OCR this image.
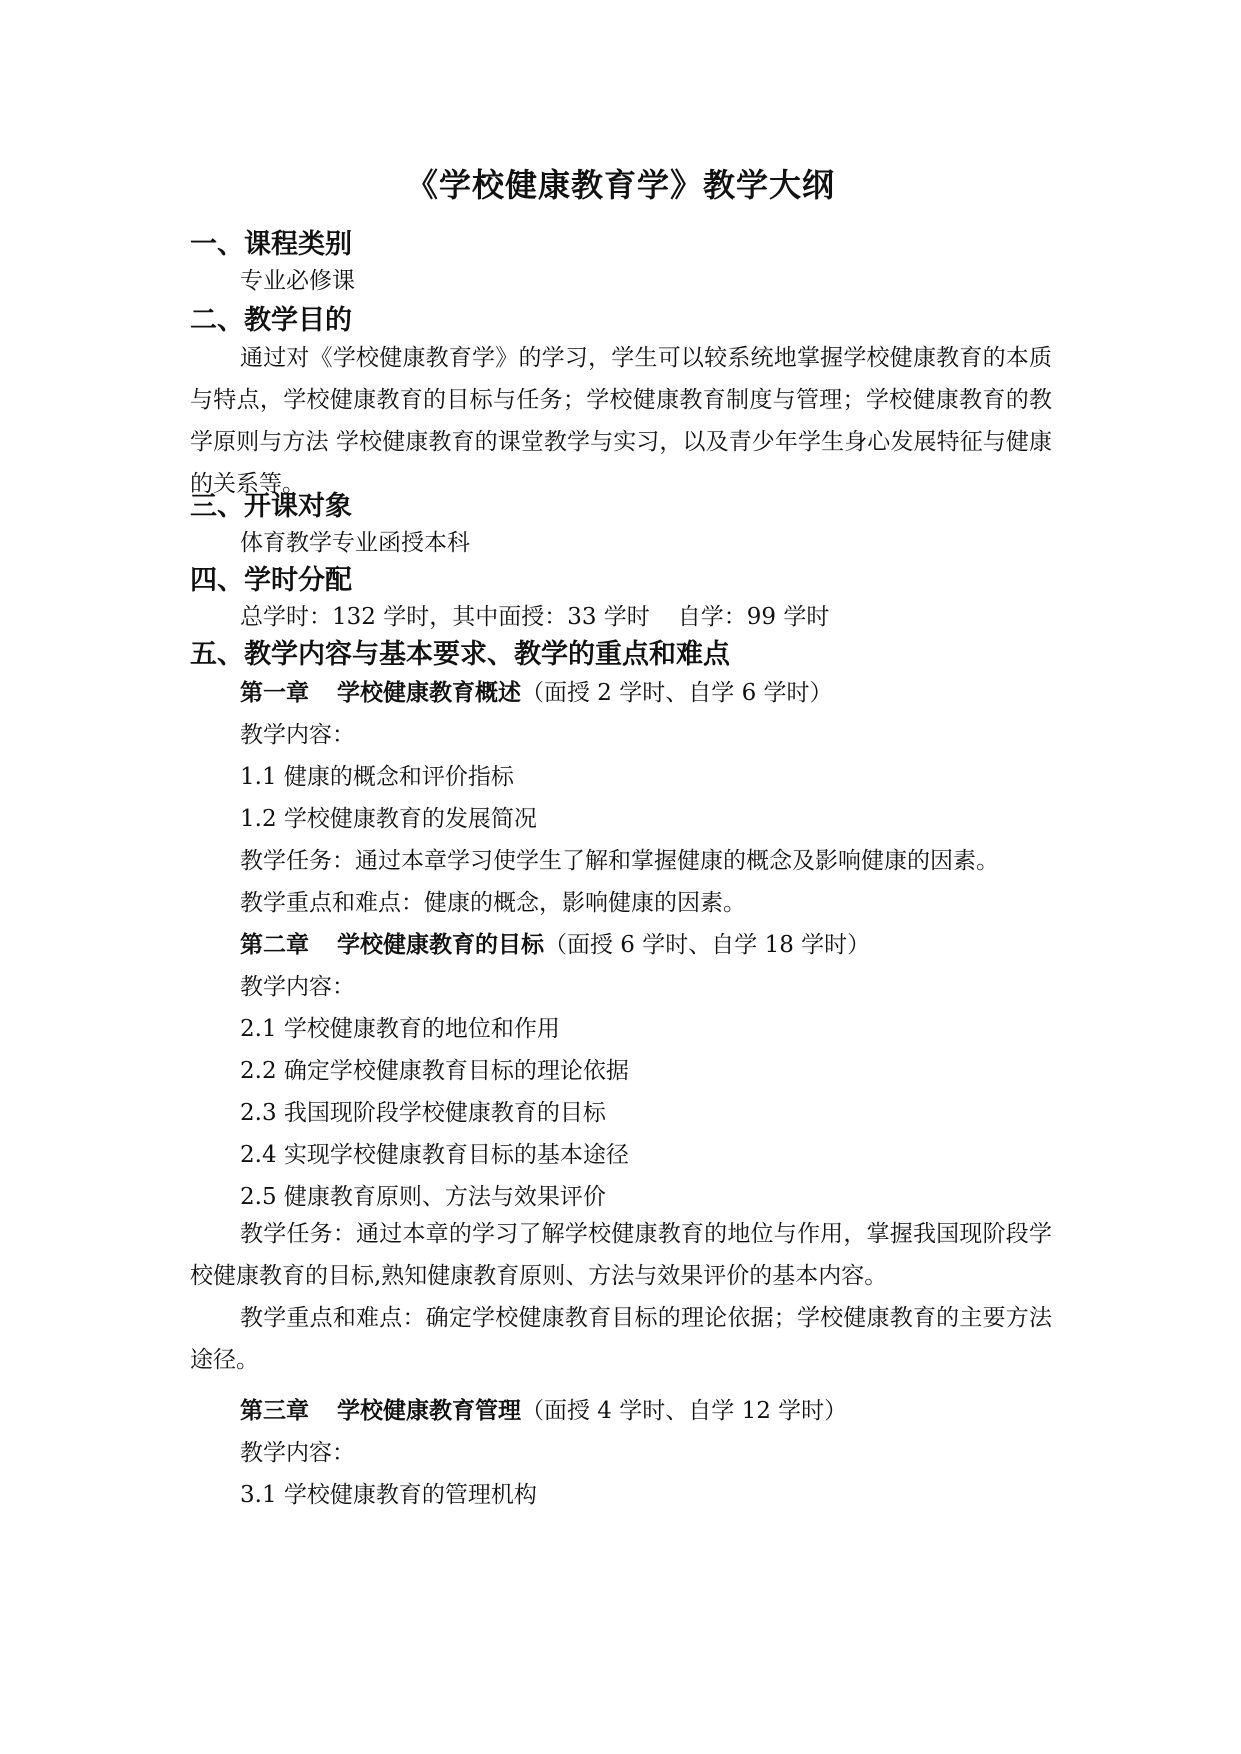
《学校健康教育学》教学大纲
一、课程类别
专业必修课
二、教学目的
通过对《学校健康教育学》的学习，学生可以较系统地掌握学校健康教育的本质与特点，学校健康教育的目标与任务；学校健康教育制度与管理；学校健康教育的教学原则与方法 学校健康教育的课堂教学与实习，以及青少年学生身心发展特征与健康的关系等。
三、开课对象
体育教学专业函授本科
四、学时分配
总学时：132 学时，其中面授：33 学时 自学：99 学时
五、教学内容与基本要求、教学的重点和难点
第一章 学校健康教育概述（面授 2 学时、自学 6 学时）
教学内容：
1.1 健康的概念和评价指标
1.2 学校健康教育的发展简况
教学任务：通过本章学习使学生了解和掌握健康的概念及影响健康的因素。
教学重点和难点：健康的概念，影响健康的因素。
第二章 学校健康教育的目标（面授 6 学时、自学 18 学时）
教学内容：
2.1 学校健康教育的地位和作用
2.2 确定学校健康教育目标的理论依据
2.3 我国现阶段学校健康教育的目标
2.4 实现学校健康教育目标的基本途径
2.5 健康教育原则、方法与效果评价
教学任务：通过本章的学习了解学校健康教育的地位与作用，掌握我国现阶段学校健康教育的目标,熟知健康教育原则、方法与效果评价的基本内容。
教学重点和难点：确定学校健康教育目标的理论依据；学校健康教育的主要方法途径。
第三章 学校健康教育管理（面授 4 学时、自学 12 学时）
教学内容：
3.1 学校健康教育的管理机构
